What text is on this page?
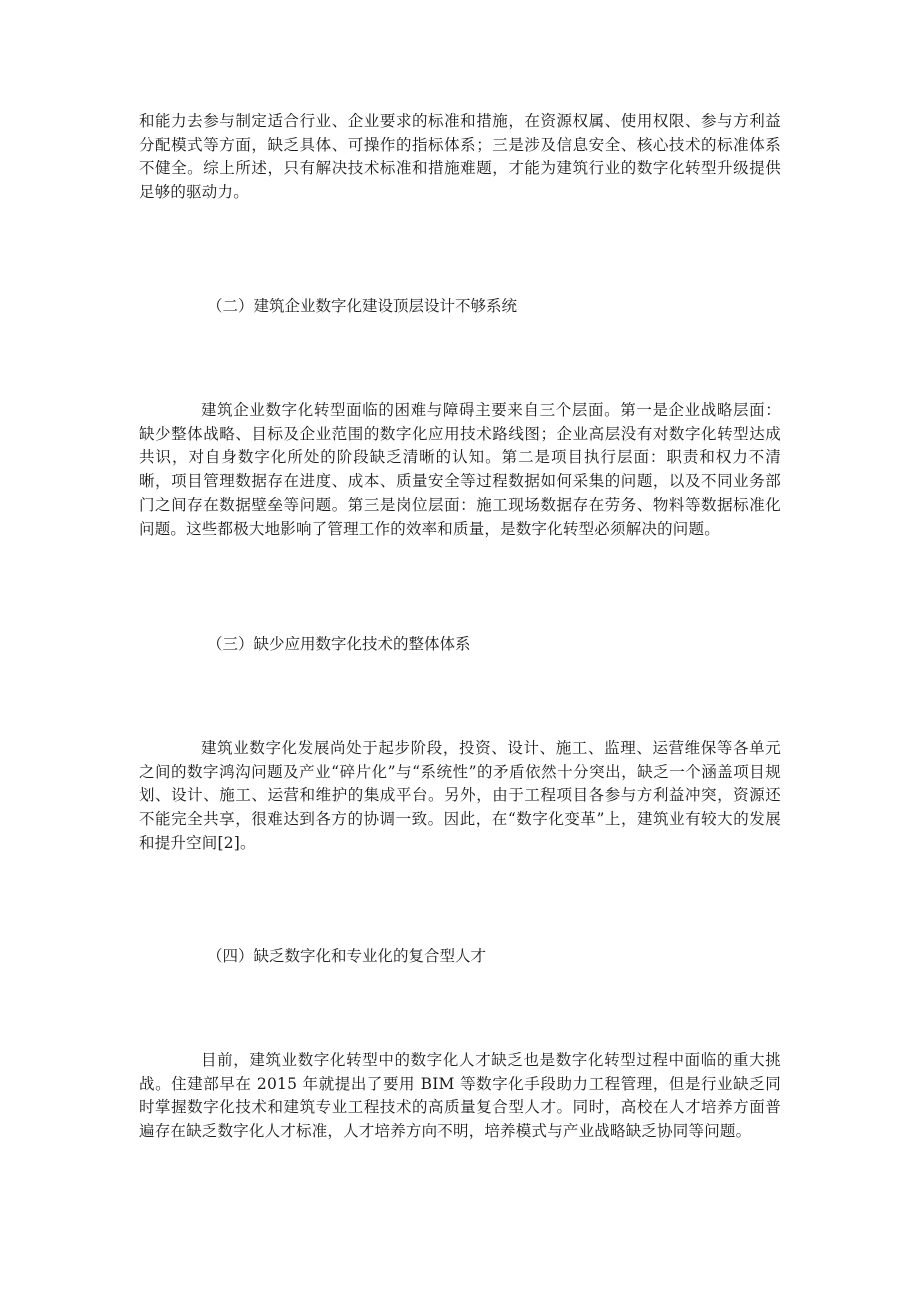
和能力去参与制定适合行业、企业要求的标准和措施，在资源权属、使用权限、参与方利益分配模式等方面，缺乏具体、可操作的指标体系；三是涉及信息安全、核心技术的标准体系不健全。综上所述，只有解决技术标准和措施难题，才能为建筑行业的数字化转型升级提供足够的驱动力。

（二）建筑企业数字化建设顶层设计不够系统

建筑企业数字化转型面临的困难与障碍主要来自三个层面。第一是企业战略层面：缺少整体战略、目标及企业范围的数字化应用技术路线图；企业高层没有对数字化转型达成共识，对自身数字化所处的阶段缺乏清晰的认知。第二是项目执行层面：职责和权力不清晰，项目管理数据存在进度、成本、质量安全等过程数据如何采集的问题，以及不同业务部门之间存在数据壁垒等问题。第三是岗位层面：施工现场数据存在劳务、物料等数据标准化问题。这些都极大地影响了管理工作的效率和质量，是数字化转型必须解决的问题。

（三）缺少应用数字化技术的整体体系

建筑业数字化发展尚处于起步阶段，投资、设计、施工、监理、运营维保等各单元之间的数字鸿沟问题及产业“碎片化”与“系统性”的矛盾依然十分突出，缺乏一个涵盖项目规划、设计、施工、运营和维护的集成平台。另外，由于工程项目各参与方利益冲突，资源还不能完全共享，很难达到各方的协调一致。因此，在“数字化变革”上，建筑业有较大的发展和提升空间[2]。

（四）缺乏数字化和专业化的复合型人才

目前，建筑业数字化转型中的数字化人才缺乏也是数字化转型过程中面临的重大挑战。住建部早在 2015 年就提出了要用 BIM 等数字化手段助力工程管理，但是行业缺乏同时掌握数字化技术和建筑专业工程技术的高质量复合型人才。同时，高校在人才培养方面普遍存在缺乏数字化人才标准，人才培养方向不明，培养模式与产业战略缺乏协同等问题。
